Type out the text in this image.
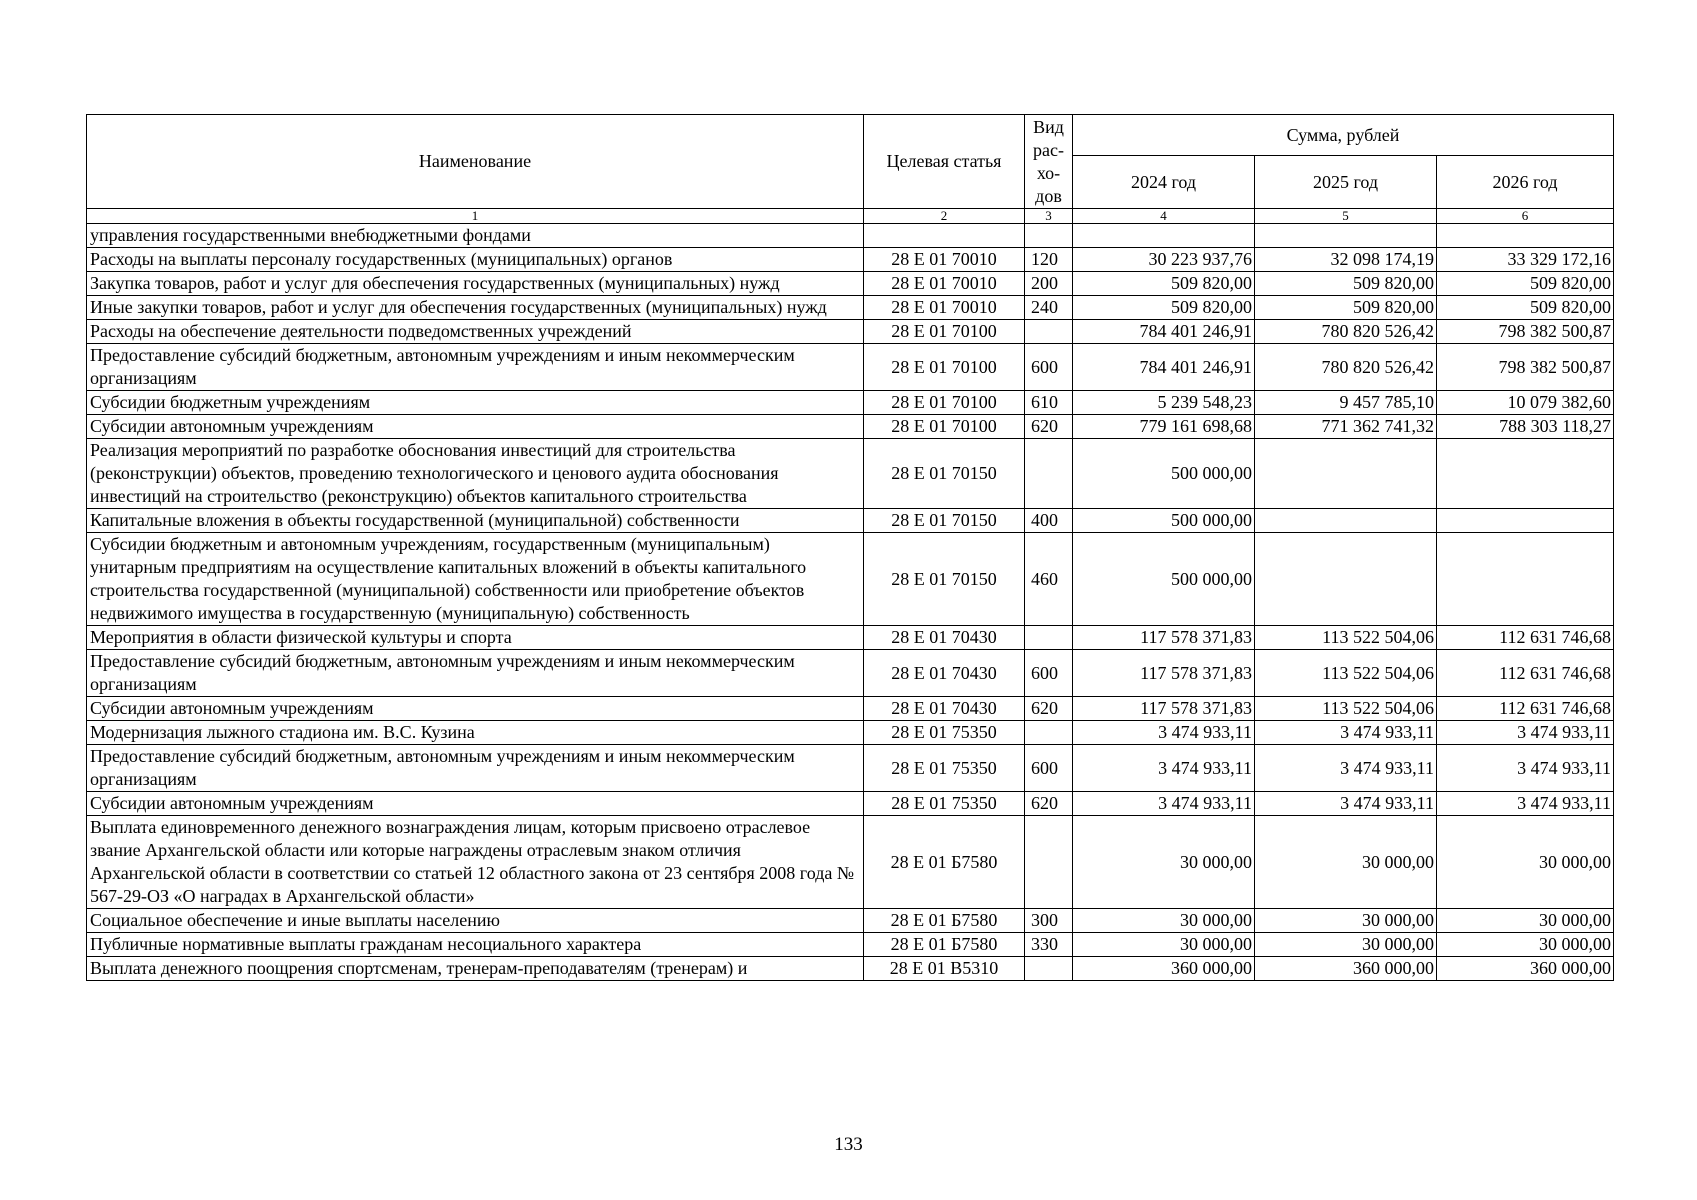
Наименование	Целевая статья	Вид
рас-
хо-
дов	Сумма, рублей		
			2024 год	2025 год	2026 год
1	2	3	4	5	6
управления государственными внебюджетными фондами					
Расходы на выплаты персоналу государственных (муниципальных) органов	28 Е 01 70010	120	30 223 937,76	32 098 174,19	33 329 172,16
Закупка товаров, работ и услуг для обеспечения государственных (муниципальных) нужд	28 Е 01 70010	200	509 820,00	509 820,00	509 820,00
Иные закупки товаров, работ и услуг для обеспечения государственных (муниципальных) нужд	28 Е 01 70010	240	509 820,00	509 820,00	509 820,00
Расходы на обеспечение деятельности подведомственных учреждений	28 Е 01 70100		784 401 246,91	780 820 526,42	798 382 500,87
Предоставление субсидий бюджетным, автономным учреждениям и иным некоммерческим организациям	28 Е 01 70100	600	784 401 246,91	780 820 526,42	798 382 500,87
Субсидии бюджетным учреждениям	28 Е 01 70100	610	5 239 548,23	9 457 785,10	10 079 382,60
Субсидии автономным учреждениям	28 Е 01 70100	620	779 161 698,68	771 362 741,32	788 303 118,27
Реализация мероприятий по разработке обоснования инвестиций для строительства (реконструкции) объектов, проведению технологического и ценового аудита обоснования инвестиций на строительство (реконструкцию) объектов капитального строительства	28 Е 01 70150		500 000,00		
Капитальные вложения в объекты государственной (муниципальной) собственности	28 Е 01 70150	400	500 000,00		
Субсидии бюджетным и автономным учреждениям, государственным (муниципальным) унитарным предприятиям на осуществление капитальных вложений в объекты капитального строительства государственной (муниципальной) собственности или приобретение объектов недвижимого имущества в государственную (муниципальную) собственность	28 Е 01 70150	460	500 000,00		
Мероприятия в области физической культуры и спорта	28 Е 01 70430		117 578 371,83	113 522 504,06	112 631 746,68
Предоставление субсидий бюджетным, автономным учреждениям и иным некоммерческим организациям	28 Е 01 70430	600	117 578 371,83	113 522 504,06	112 631 746,68
Субсидии автономным учреждениям	28 Е 01 70430	620	117 578 371,83	113 522 504,06	112 631 746,68
Модернизация лыжного стадиона им. В.С. Кузина	28 Е 01 75350		3 474 933,11	3 474 933,11	3 474 933,11
Предоставление субсидий бюджетным, автономным учреждениям и иным некоммерческим организациям	28 Е 01 75350	600	3 474 933,11	3 474 933,11	3 474 933,11
Субсидии автономным учреждениям	28 Е 01 75350	620	3 474 933,11	3 474 933,11	3 474 933,11
Выплата единовременного денежного вознаграждения лицам, которым присвоено отраслевое звание Архангельской области или которые награждены отраслевым знаком отличия Архангельской области в соответствии со статьей 12 областного закона от 23 сентября 2008 года № 567-29-ОЗ «О наградах в Архангельской области»	28 Е 01 Б7580		30 000,00	30 000,00	30 000,00
Социальное обеспечение и иные выплаты населению	28 Е 01 Б7580	300	30 000,00	30 000,00	30 000,00
Публичные нормативные выплаты гражданам несоциального характера	28 Е 01 Б7580	330	30 000,00	30 000,00	30 000,00
Выплата денежного поощрения спортсменам, тренерам-преподавателям (тренерам) и	28 Е 01 В5310		360 000,00	360 000,00	360 000,00
133
